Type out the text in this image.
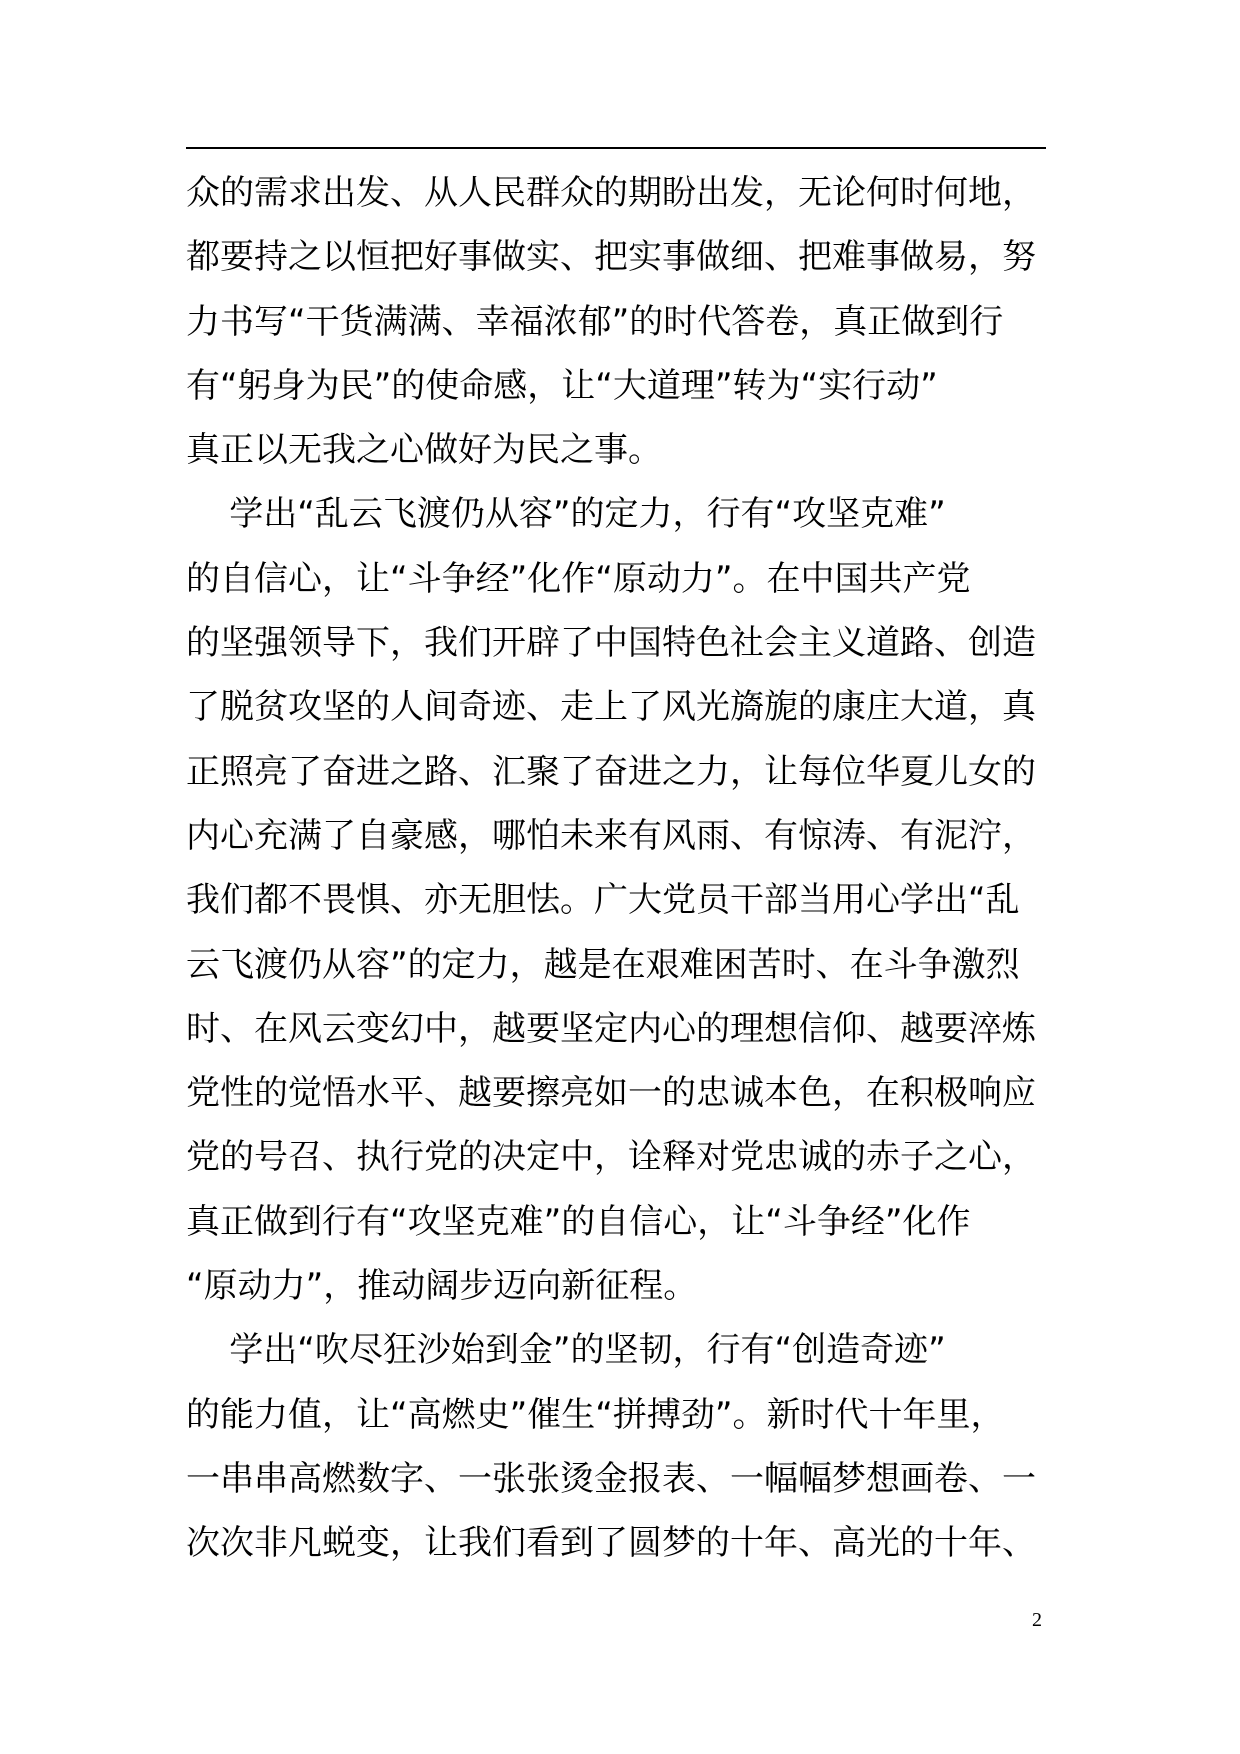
众的需求出发、从人民群众的期盼出发，无论何时何地，
都要持之以恒把好事做实、把实事做细、把难事做易，努
力书写“干货满满、幸福浓郁”的时代答卷，真正做到行
有“躬身为民”的使命感，让“大道理”转为“实行动”
真正以无我之心做好为民之事。
学出“乱云飞渡仍从容”的定力，行有“攻坚克难”
的自信心，让“斗争经”化作“原动力”。在中国共产党
的坚强领导下，我们开辟了中国特色社会主义道路、创造
了脱贫攻坚的人间奇迹、走上了风光旖旎的康庄大道，真
正照亮了奋进之路、汇聚了奋进之力，让每位华夏儿女的
内心充满了自豪感，哪怕未来有风雨、有惊涛、有泥泞，
我们都不畏惧、亦无胆怯。广大党员干部当用心学出“乱
云飞渡仍从容”的定力，越是在艰难困苦时、在斗争激烈
时、在风云变幻中，越要坚定内心的理想信仰、越要淬炼
党性的觉悟水平、越要擦亮如一的忠诚本色，在积极响应
党的号召、执行党的决定中，诠释对党忠诚的赤子之心，
真正做到行有“攻坚克难”的自信心，让“斗争经”化作
“原动力”，推动阔步迈向新征程。
学出“吹尽狂沙始到金”的坚韧，行有“创造奇迹”
的能力值，让“高燃史”催生“拼搏劲”。新时代十年里，
一串串高燃数字、一张张烫金报表、一幅幅梦想画卷、一
次次非凡蜕变，让我们看到了圆梦的十年、高光的十年、
2
